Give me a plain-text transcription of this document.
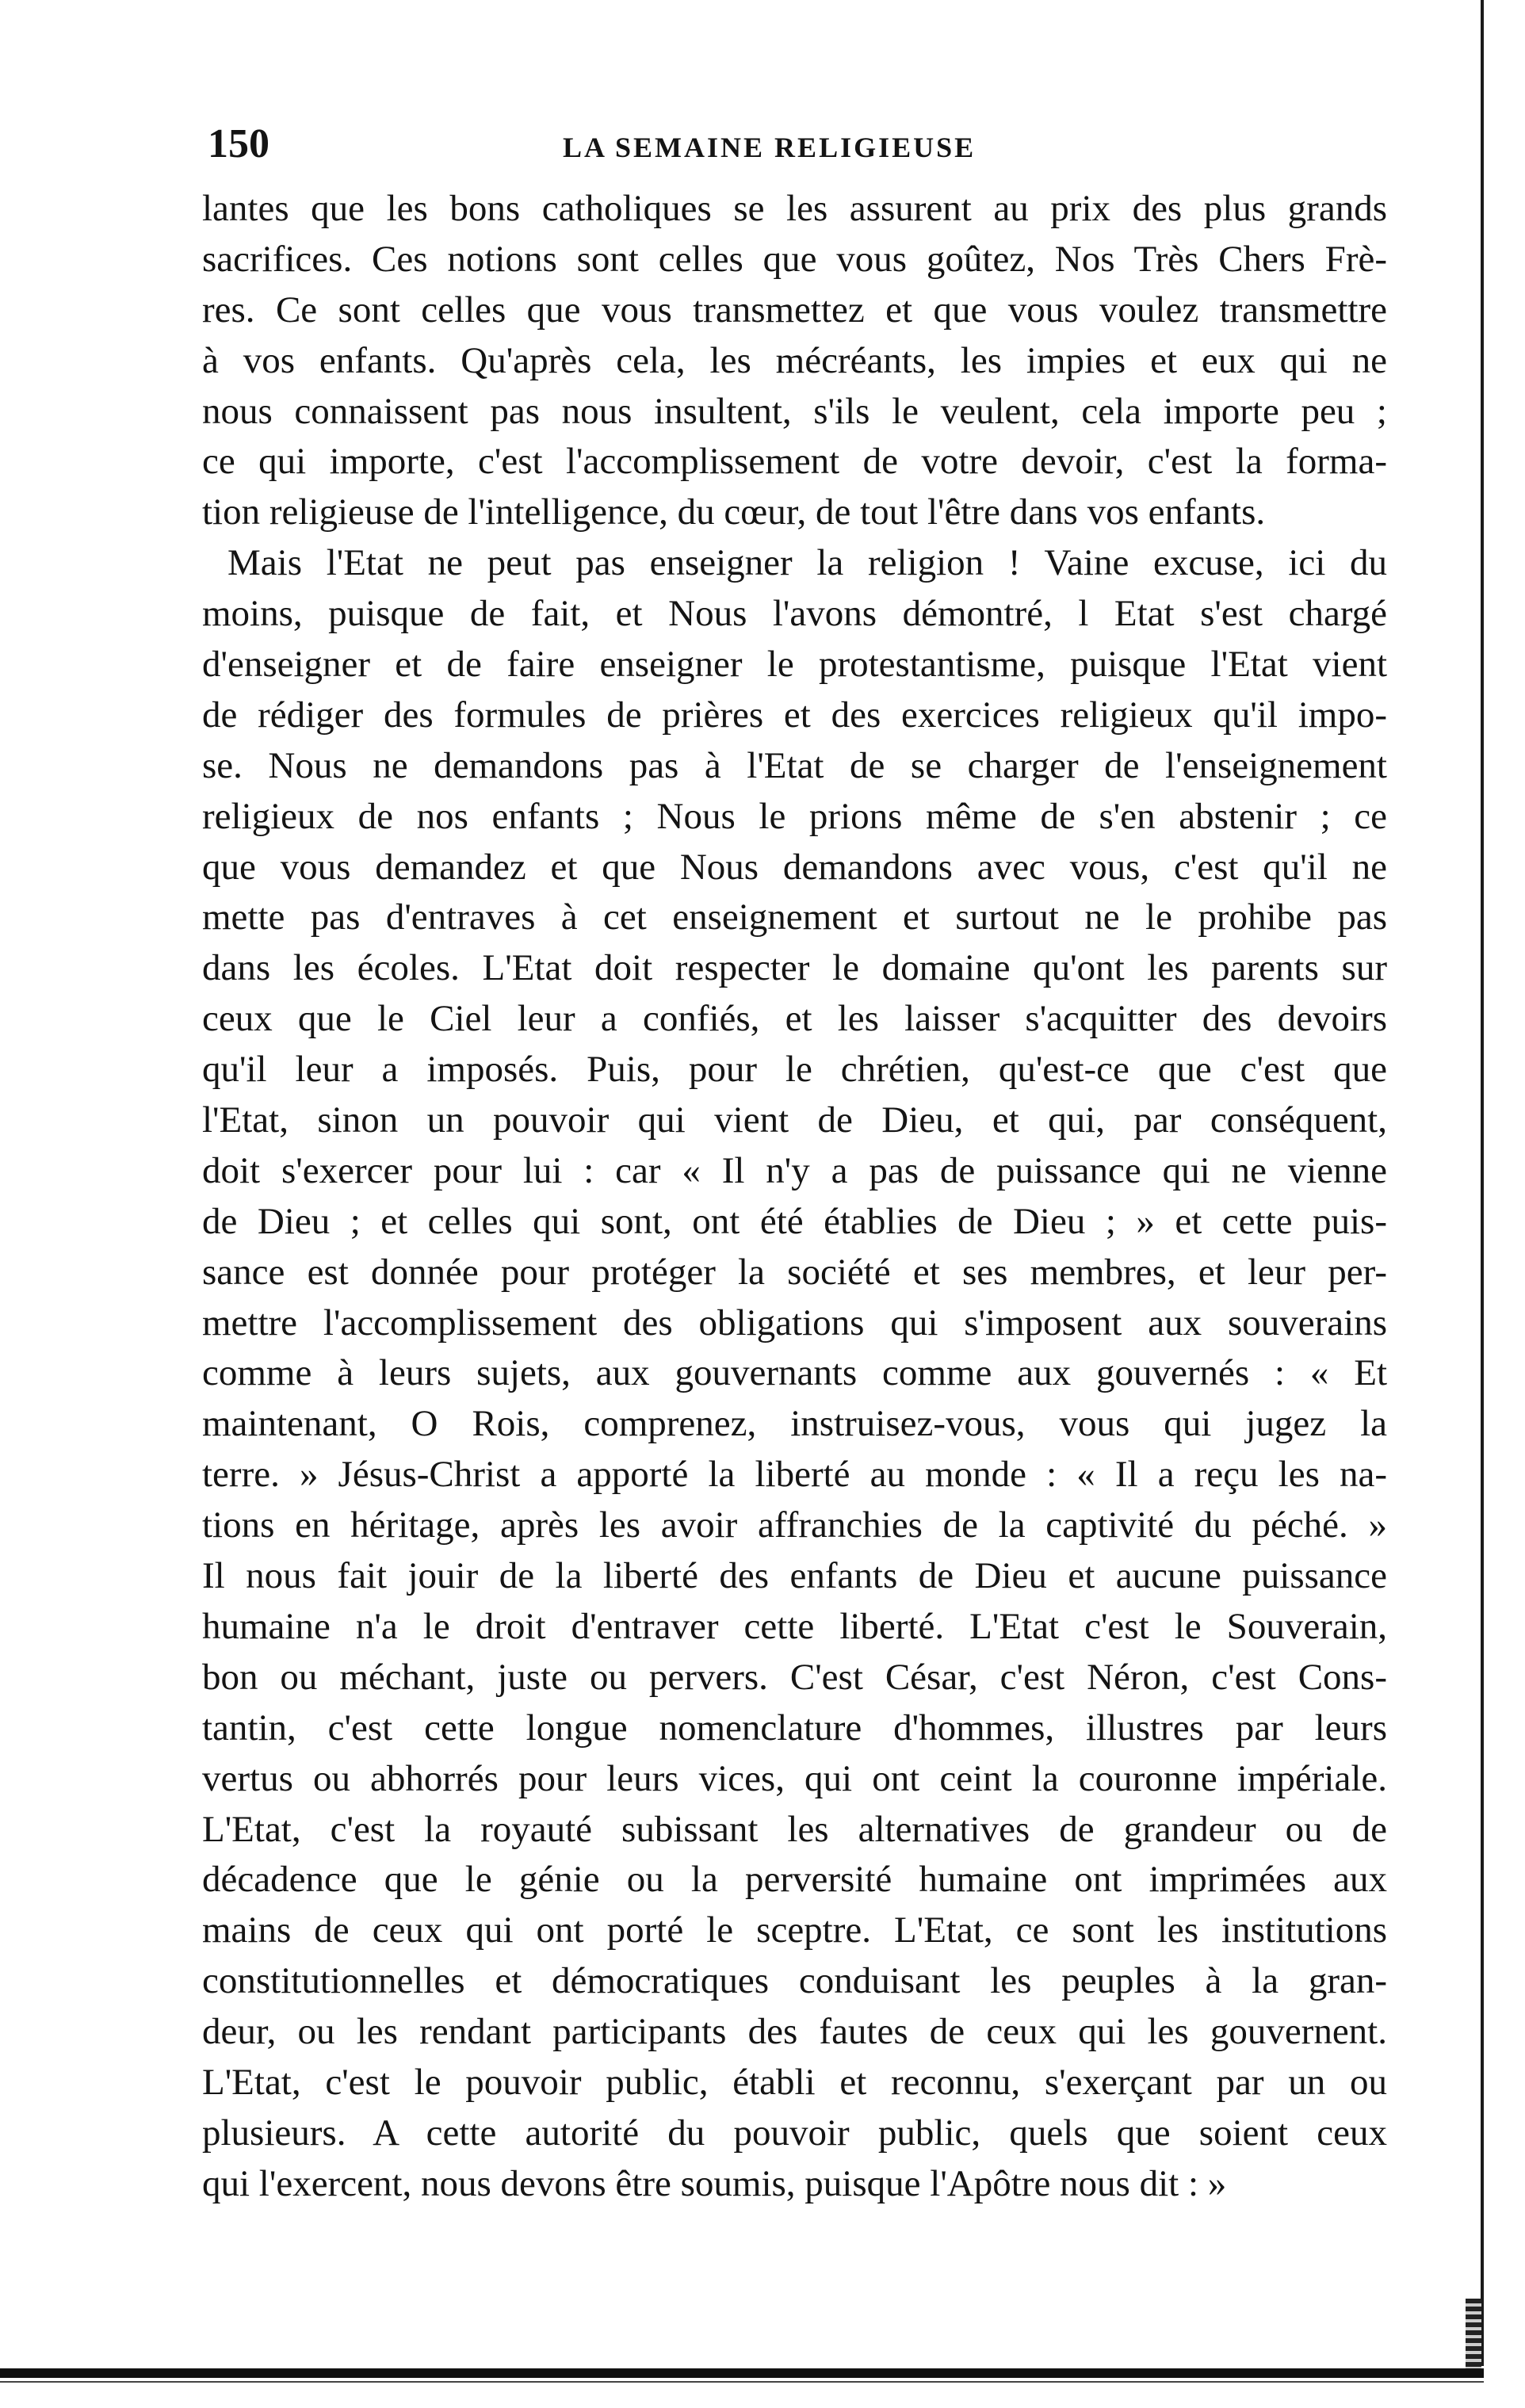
150	LA SEMAINE RELIGIEUSE
lantes que les bons catholiques se les assurent au prix des plus grands
sacrifices. Ces notions sont celles que vous goûtez, Nos Très Chers Frè-
res. Ce sont celles que vous transmettez et que vous voulez transmettre
à vos enfants. Qu'après cela, les mécréants, les impies et eux qui ne
nous connaissent pas nous insultent, s'ils le veulent, cela importe peu ;
ce qui importe, c'est l'accomplissement de votre devoir, c'est la forma-
tion religieuse de l'intelligence, du cœur, de tout l'être dans vos enfants.
Mais l'Etat ne peut pas enseigner la religion ! Vaine excuse, ici du
moins, puisque de fait, et Nous l'avons démontré, l Etat s'est chargé
d'enseigner et de faire enseigner le protestantisme, puisque l'Etat vient
de rédiger des formules de prières et des exercices religieux qu'il impo-
se. Nous ne demandons pas à l'Etat de se charger de l'enseignement
religieux de nos enfants ; Nous le prions même de s'en abstenir ; ce
que vous demandez et que Nous demandons avec vous, c'est qu'il ne
mette pas d'entraves à cet enseignement et surtout ne le prohibe pas
dans les écoles. L'Etat doit respecter le domaine qu'ont les parents sur
ceux que le Ciel leur a confiés, et les laisser s'acquitter des devoirs
qu'il leur a imposés. Puis, pour le chrétien, qu'est-ce que c'est que
l'Etat, sinon un pouvoir qui vient de Dieu, et qui, par conséquent,
doit s'exercer pour lui : car « Il n'y a pas de puissance qui ne vienne
de Dieu ; et celles qui sont, ont été établies de Dieu ; » et cette puis-
sance est donnée pour protéger la société et ses membres, et leur per-
mettre l'accomplissement des obligations qui s'imposent aux souverains
comme à leurs sujets, aux gouvernants comme aux gouvernés : « Et
maintenant, O Rois, comprenez, instruisez-vous, vous qui jugez la
terre. » Jésus-Christ a apporté la liberté au monde : « Il a reçu les na-
tions en héritage, après les avoir affranchies de la captivité du péché. »
Il nous fait jouir de la liberté des enfants de Dieu et aucune puissance
humaine n'a le droit d'entraver cette liberté. L'Etat c'est le Souverain,
bon ou méchant, juste ou pervers. C'est César, c'est Néron, c'est Cons-
tantin, c'est cette longue nomenclature d'hommes, illustres par leurs
vertus ou abhorrés pour leurs vices, qui ont ceint la couronne impériale.
L'Etat, c'est la royauté subissant les alternatives de grandeur ou de
décadence que le génie ou la perversité humaine ont imprimées aux
mains de ceux qui ont porté le sceptre. L'Etat, ce sont les institutions
constitutionnelles et démocratiques conduisant les peuples à la gran-
deur, ou les rendant participants des fautes de ceux qui les gouvernent.
L'Etat, c'est le pouvoir public, établi et reconnu, s'exerçant par un ou
plusieurs. A cette autorité du pouvoir public, quels que soient ceux
qui l'exercent, nous devons être soumis, puisque l'Apôtre nous dit : »
